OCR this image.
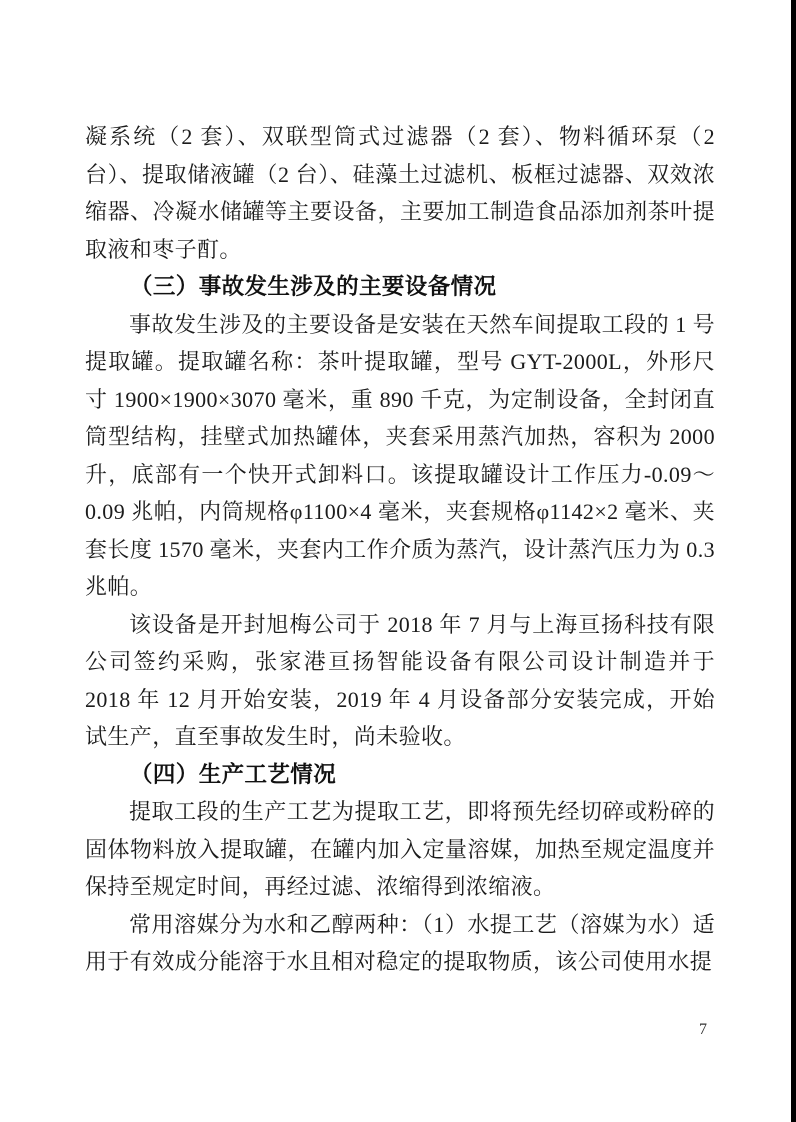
凝系统（2 套）、双联型筒式过滤器（2 套）、物料循环泵（2 台）、提取储液罐（2 台）、硅藻土过滤机、板框过滤器、双效浓缩器、冷凝水储罐等主要设备，主要加工制造食品添加剂茶叶提取液和枣子酊。

（三）事故发生涉及的主要设备情况

事故发生涉及的主要设备是安装在天然车间提取工段的 1 号提取罐。提取罐名称：茶叶提取罐，型号 GYT-2000L，外形尺寸 1900×1900×3070 毫米，重 890 千克，为定制设备，全封闭直筒型结构，挂壁式加热罐体，夹套采用蒸汽加热，容积为 2000 升，底部有一个快开式卸料口。该提取罐设计工作压力-0.09～0.09 兆帕，内筒规格φ1100×4 毫米，夹套规格φ1142×2 毫米、夹套长度 1570 毫米，夹套内工作介质为蒸汽，设计蒸汽压力为 0.3 兆帕。

该设备是开封旭梅公司于 2018 年 7 月与上海亘扬科技有限公司签约采购，张家港亘扬智能设备有限公司设计制造并于 2018 年 12 月开始安装，2019 年 4 月设备部分安装完成，开始试生产，直至事故发生时，尚未验收。

（四）生产工艺情况

提取工段的生产工艺为提取工艺，即将预先经切碎或粉碎的固体物料放入提取罐，在罐内加入定量溶媒，加热至规定温度并保持至规定时间，再经过滤、浓缩得到浓缩液。

常用溶媒分为水和乙醇两种：（1）水提工艺（溶媒为水）适用于有效成分能溶于水且相对稳定的提取物质，该公司使用水提

7
